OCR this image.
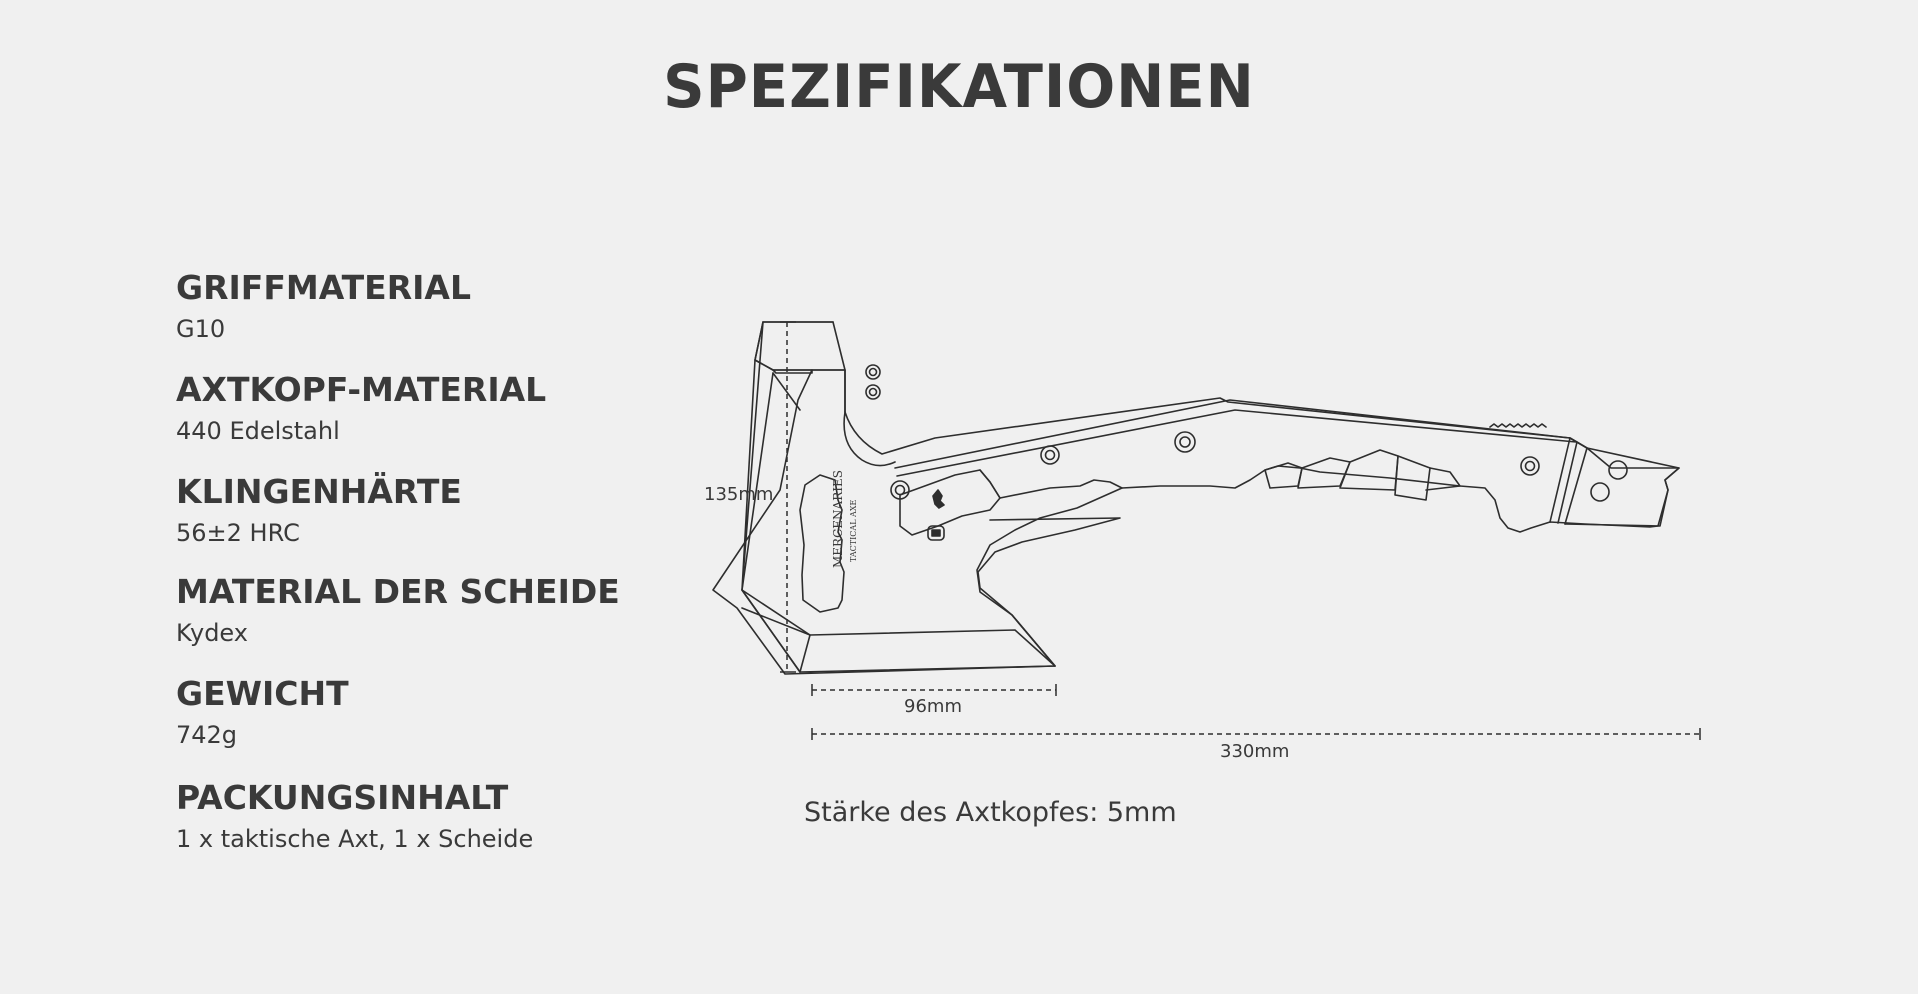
SPEZIFIKATIONEN
GRIFFMATERIAL
G10
AXTKOPF-MATERIAL
440 Edelstahl
KLINGENHÄRTE
56±2 HRC
MATERIAL DER SCHEIDE
Kydex
GEWICHT
742g
PACKUNGSINHALT
1 x taktische Axt, 1 x Scheide
MERCENARIES TACTICAL AXE
135mm
96mm
330mm
Stärke des Axtkopfes: 5mm
